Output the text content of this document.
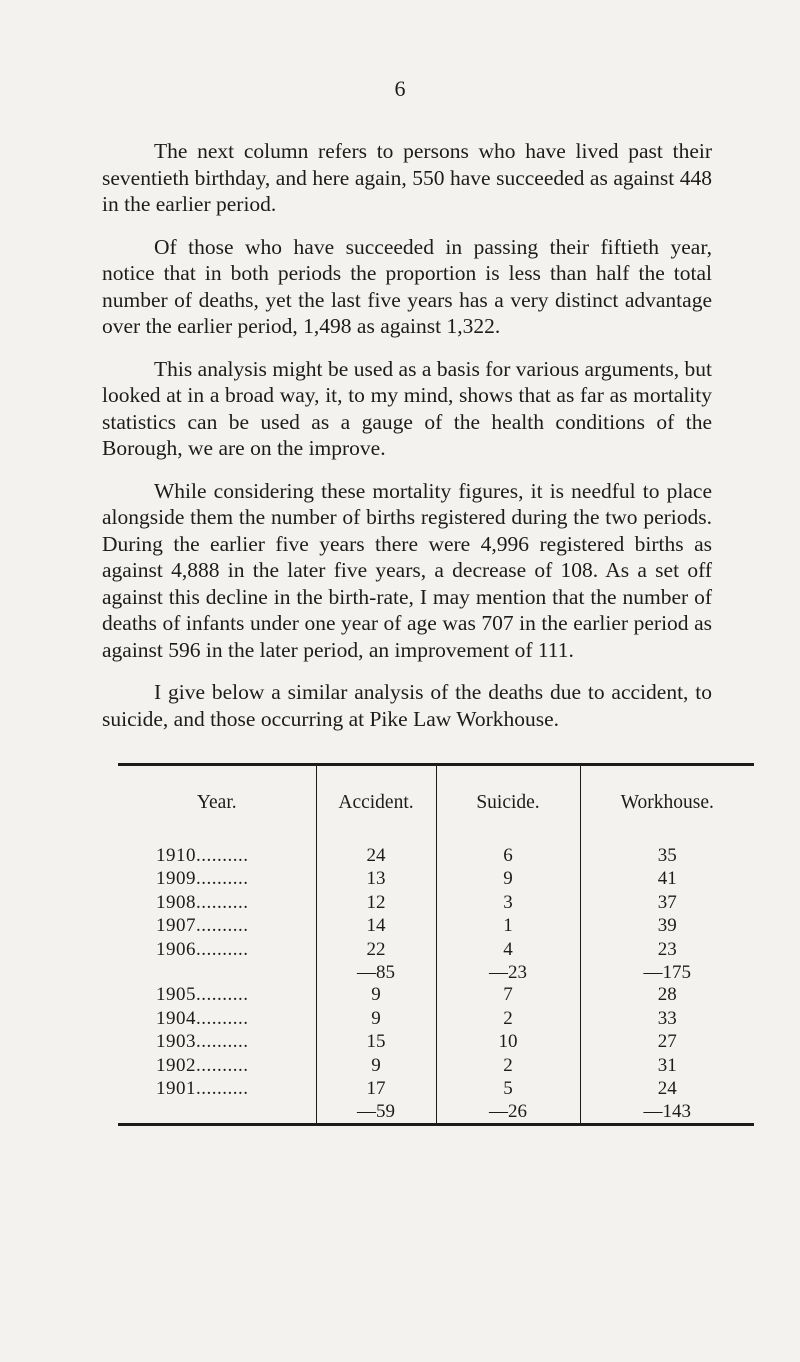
6

The next column refers to persons who have lived past their seventieth birthday, and here again, 550 have succeeded as against 448 in the earlier period.

Of those who have succeeded in passing their fiftieth year, notice that in both periods the proportion is less than half the total number of deaths, yet the last five years has a very distinct advantage over the earlier period, 1,498 as against 1,322.

This analysis might be used as a basis for various arguments, but looked at in a broad way, it, to my mind, shows that as far as mortality statistics can be used as a gauge of the health conditions of the Borough, we are on the improve.

While considering these mortality figures, it is needful to place alongside them the number of births registered during the two periods. During the earlier five years there were 4,996 registered births as against 4,888 in the later five years, a decrease of 108. As a set off against this decline in the birth-rate, I may mention that the number of deaths of infants under one year of age was 707 in the earlier period as against 596 in the later period, an improvement of 111.

I give below a similar analysis of the deaths due to accident, to suicide, and those occurring at Pike Law Workhouse.

Year.	Accident.	Suicide.	Workhouse.
1910..........	24	6	35
1909..........	13	9	41
1908..........	12	3	37
1907..........	14	1	39
1906..........	22	4	23
	—85	—23	—175
1905..........	9	7	28
1904..........	9	2	33
1903..........	15	10	27
1902..........	9	2	31
1901..........	17	5	24
	—59	—26	—143
